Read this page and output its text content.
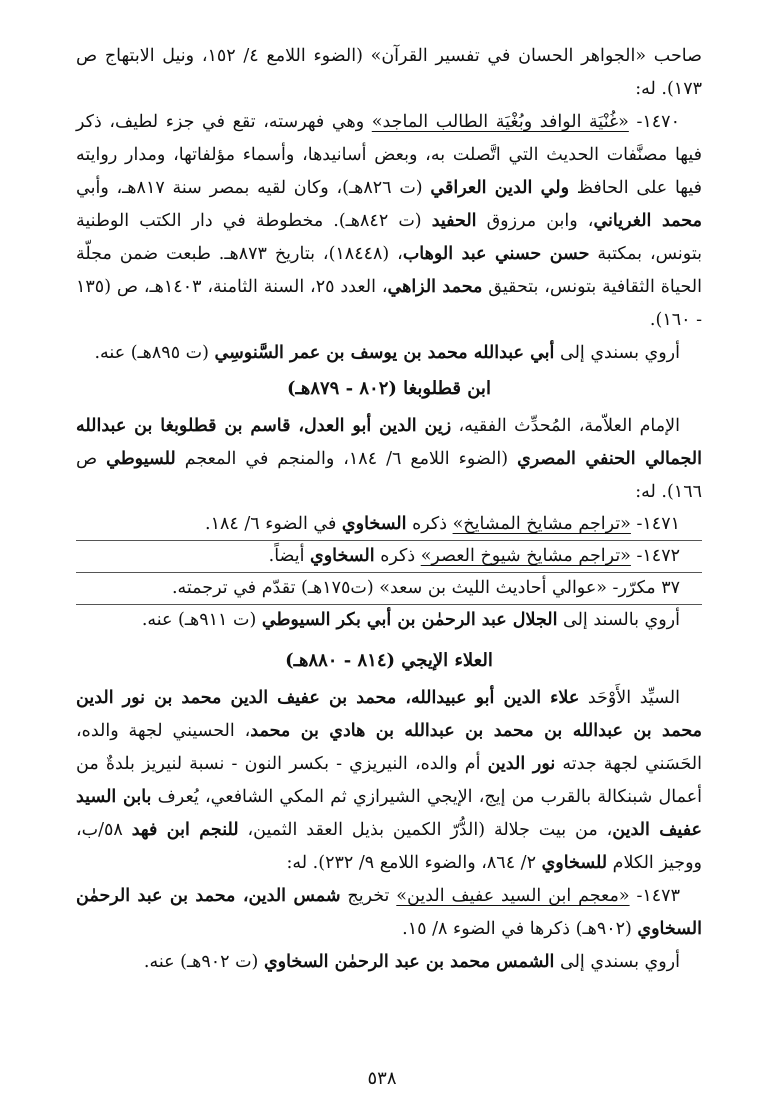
صاحب «الجواهر الحسان في تفسير القرآن» (الضوء اللامع ٤/ ١٥٢، ونيل الابتهاج ص ١٧٣). له:

١٤٧٠- «غُنْيَة الوافد وبُغْيَة الطالب الماجد» وهي فهرسته، تقع في جزء لطيف، ذكر فيها مصنَّفات الحديث التي اتَّصلت به، وبعض أسانيدها، وأسماء مؤلفاتها، ومدار روايته فيها على الحافظ ولي الدين العراقي (ت ٨٢٦هـ)، وكان لقيه بمصر سنة ٨١٧هـ، وأبي محمد الغرياني، وابن مرزوق الحفيد (ت ٨٤٢هـ). مخطوطة في دار الكتب الوطنية بتونس، بمكتبة حسن حسني عبد الوهاب، (١٨٤٤٨)، بتاريخ ٨٧٣هـ. طبعت ضمن مجلّة الحياة الثقافية بتونس، بتحقيق محمد الزاهي، العدد ٢٥، السنة الثامنة، ١٤٠٣هـ، ص (١٣٥ - ١٦٠).

أروي بسندي إلى أبي عبدالله محمد بن يوسف بن عمر السَّنوسِي (ت ٨٩٥هـ) عنه.

ابن قطلوبغا (٨٠٢ - ٨٧٩هـ)

الإمام العلاّمة، المُحدِّث الفقيه، زين الدين أبو العدل، قاسم بن قطلوبغا بن عبدالله الجمالي الحنفي المصري (الضوء اللامع ٦/ ١٨٤، والمنجم في المعجم للسيوطي ص ١٦٦). له:

١٤٧١- «تراجم مشايخ المشايخ» ذكره السخاوي في الضوء ٦/ ١٨٤.
١٤٧٢- «تراجم مشايخ شيوخ العصر» ذكره السخاوي أيضاً.
٣٧ مكرّر- «عوالي أحاديث الليث بن سعد» (ت١٧٥هـ) تقدّم في ترجمته.
أروي بالسند إلى الجلال عبد الرحمٰن بن أبي بكر السيوطي (ت ٩١١هـ) عنه.
العلاء الإيجي (٨١٤ - ٨٨٠هـ)

السيِّد الأَوْحَد علاء الدين أبو عبيدالله، محمد بن عفيف الدين محمد بن نور الدين محمد بن عبدالله بن محمد بن عبدالله بن هادي بن محمد، الحسيني لجهة والده، الحَسَني لجهة جدته نور الدين أم والده، النيريزي - بكسر النون - نسبة لنيريز بلدةٌ من أعمال شبنكالة بالقرب من إيج، الإيجي الشيرازي ثم المكي الشافعي، يُعرف بابن السيد عفيف الدين، من بيت جلالة (الدُّرّ الكمين بذيل العقد الثمين، للنجم ابن فهد ٥٨/ب، ووجيز الكلام للسخاوي ٢/ ٨٦٤، والضوء اللامع ٩/ ٢٣٢). له:

١٤٧٣- «معجم ابن السيد عفيف الدين» تخريج شمس الدين، محمد بن عبد الرحمٰن السخاوي (٩٠٢هـ) ذكرها في الضوء ٨/ ١٥.

أروي بسندي إلى الشمس محمد بن عبد الرحمٰن السخاوي (ت ٩٠٢هـ) عنه.

٥٣٨
